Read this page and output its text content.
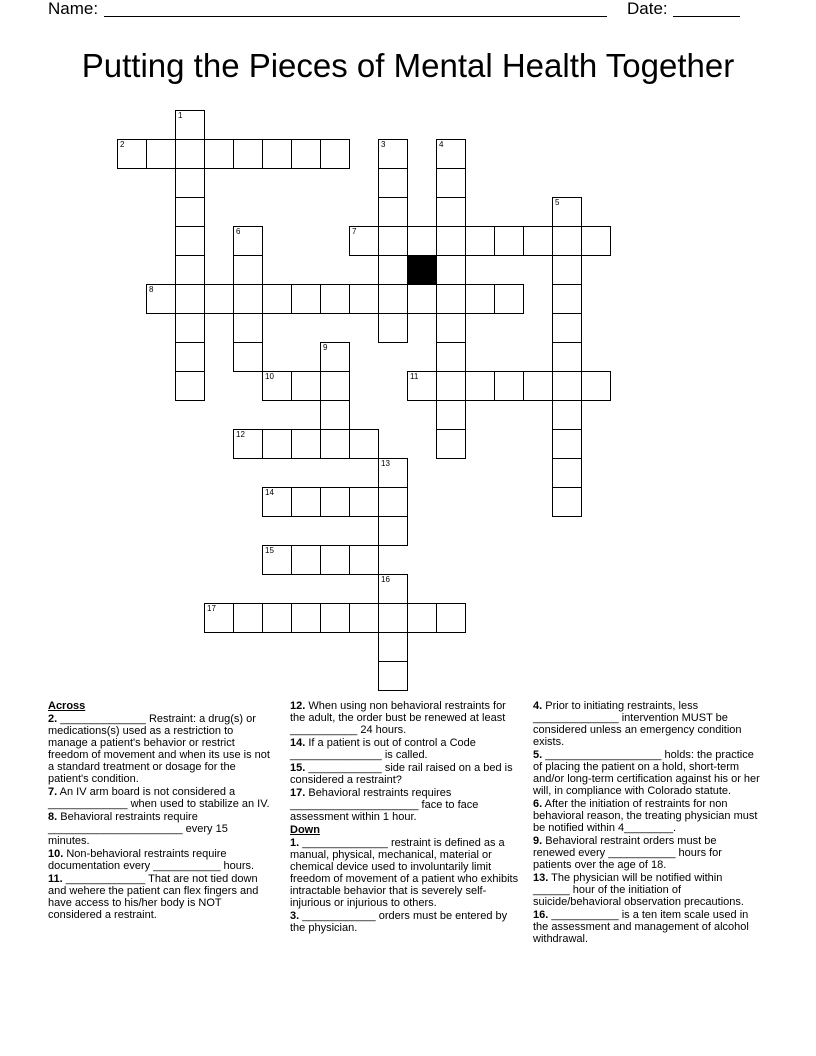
Name:	Date:
Putting the Pieces of Mental Health Together
1
2	3	4
5
6	7
8
9
10	11
12
13
14
15
16
17

Across

2. ______________ Restraint: a drug(s) or medications(s) used as a restriction to manage a patient's behavior or restrict freedom of movement and when its use is not a standard treatment or dosage for the patient's condition.

7. An IV arm board is not considered a _____________ when used to stabilize an IV.

8. Behavioral restraints require ______________________ every 15 minutes.

10. Non-behavioral restraints require documentation every ___________ hours.

11. _____________ That are not tied down and wehere the patient can flex fingers and have access to his/her body is NOT considered a restraint.

12. When using non behavioral restraints for the adult, the order bust be renewed at least ___________ 24 hours.

14. If a patient is out of control a Code _______________ is called.

15. ____________ side rail raised on a bed is considered a restraint?

17. Behavioral restraints requires _____________________ face to face assessment within 1 hour.

Down

1. ______________ restraint is defined as a manual, physical, mechanical, material or chemical device used to involuntarily limit freedom of movement of a patient who exhibits intractable behavior that is severely self- injurious or injurious to others.

3. ____________ orders must be entered by the physician.

4. Prior to initiating restraints, less ______________ intervention MUST be considered unless an emergency condition exists.

5. ___________________ holds: the practice of placing the patient on a hold, short-term and/or long-term certification against his or her will, in compliance with Colorado statute.

6. After the initiation of restraints for non behavioral reason, the treating physician must be notified within 4________.

9. Behavioral restraint orders must be renewed every ___________ hours for patients over the age of 18.

13. The physician will be notified within ______ hour of the initiation of suicide/behavioral observation precautions.

16. ___________ is a ten item scale used in the assessment and management of alcohol withdrawal.
